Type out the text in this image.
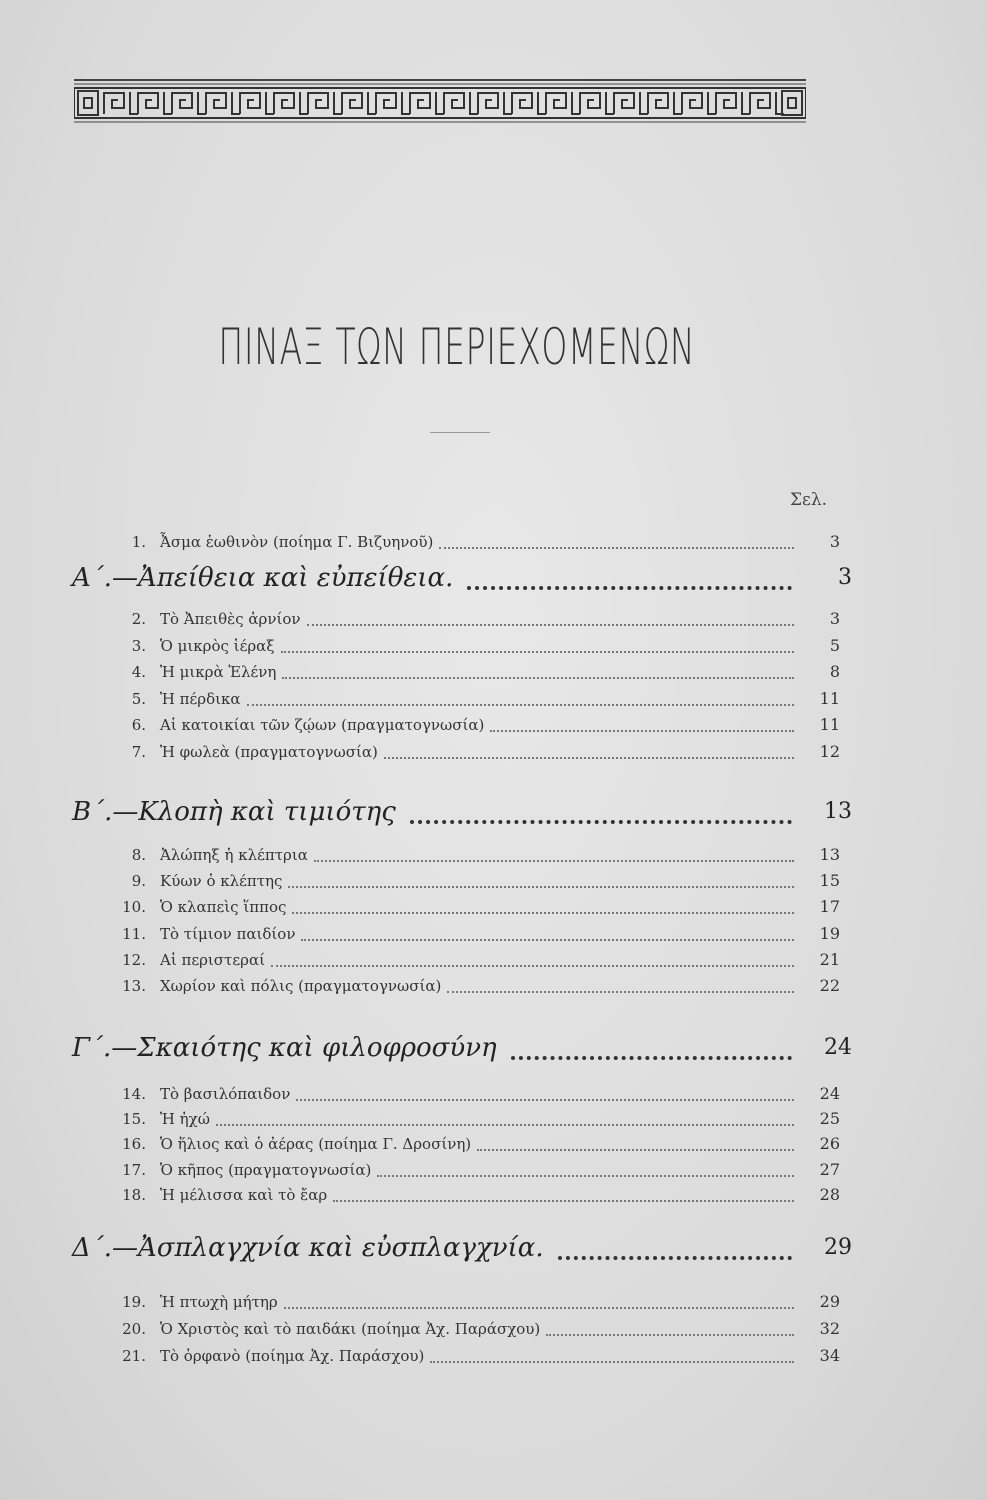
ΠΙΝΑΞ ΤΩΝ ΠΕΡΙΕΧΟΜΕΝΩΝ
Σελ.
1. Ἆσμα ἑωθινὸν (ποίημα Γ. Βιζυηνοῦ)	3
Α΄.—Ἀπείθεια καὶ εὐπείθεια.	3
2. Τὸ Ἀπειθὲς ἀρνίον	3
3. Ὁ μικρὸς ἱέραξ	5
4. Ἡ μικρὰ Ἑλένη	8
5. Ἡ πέρδικα	11
6. Αἱ κατοικίαι τῶν ζῴων (πραγματογνωσία)	11
7. Ἡ φωλεὰ (πραγματογνωσία)	12
Β΄.—Κλοπὴ καὶ τιμιότης	13
8. Ἀλώπηξ ἡ κλέπτρια	13
9. Κύων ὁ κλέπτης	15
10. Ὁ κλαπεὶς ἵππος	17
11. Τὸ τίμιον παιδίον	19
12. Αἱ περιστεραί	21
13. Χωρίον καὶ πόλις (πραγματογνωσία)	22
Γ΄.—Σκαιότης καὶ φιλοφροσύνη	24
14. Τὸ βασιλόπαιδον	24
15. Ἡ ἠχώ	25
16. Ὁ ἥλιος καὶ ὁ ἀέρας (ποίημα Γ. Δροσίνη)	26
17. Ὁ κῆπος (πραγματογνωσία)	27
18. Ἡ μέλισσα καὶ τὸ ἔαρ	28
Δ΄.—Ἀσπλαγχνία καὶ εὐσπλαγχνία.	29
19. Ἡ πτωχὴ μήτηρ	29
20. Ὁ Χριστὸς καὶ τὸ παιδάκι (ποίημα Ἀχ. Παράσχου)	32
21. Τὸ ὀρφανὸ (ποίημα Ἀχ. Παράσχου)	34
